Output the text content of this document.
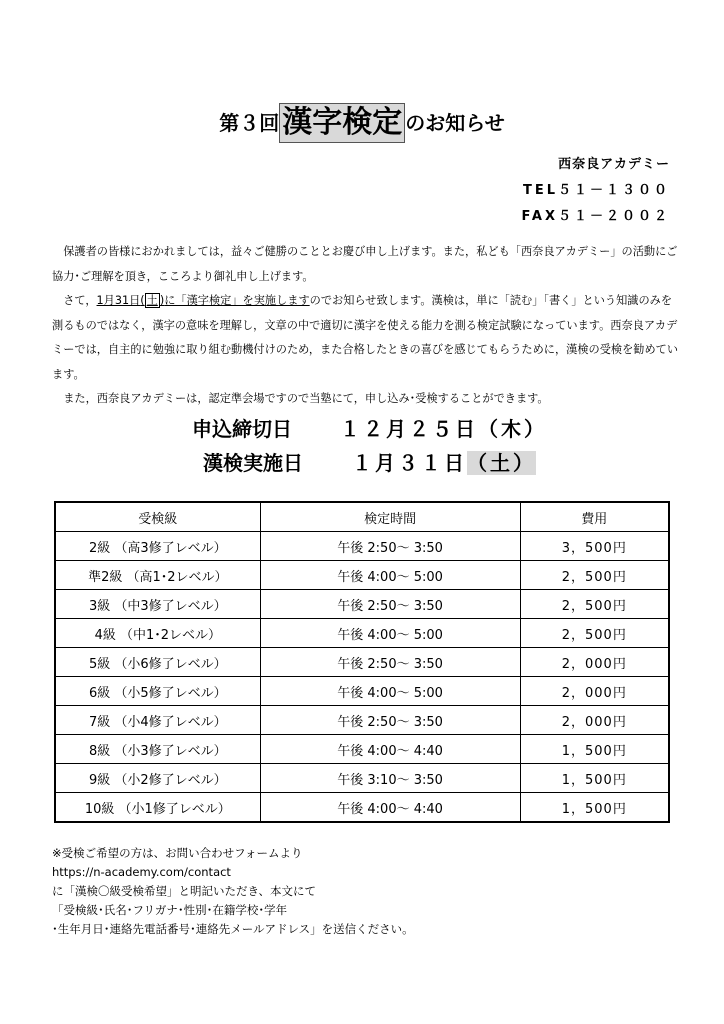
第３回 漢字検定 のお知らせ
西奈良アカデミー
TEL５１－１３００
FAX５１－２００２

保護者の皆様におかれましては，益々ご健勝のこととお慶び申し上げます。また，私ども「西奈良アカデミー」の活動にご協力･ご理解を頂き，こころより御礼申し上げます。

さて，1月31日( 土 )に「漢字検定」を実施しますのでお知らせ致します。漢検は，単に「読む」「書く」という知識のみを測るものではなく，漢字の意味を理解し，文章の中で適切に漢字を使える能力を測る検定試験になっています。西奈良アカデミーでは，自主的に勉強に取り組む動機付けのため，また合格したときの喜びを感じてもらうために，漢検の受検を勧めています。

また，西奈良アカデミーは，認定準会場ですので当塾にて，申し込み･受検することができます。

申込締切日 １２月２５日（木）
漢検実施日 １月３１日（土）
受検級	検定時間	費用
2級 （高3修了レベル）	午後 2:50～ 3:50	3，500円
準2級 （高1･2レベル）	午後 4:00～ 5:00	2，500円
3級 （中3修了レベル）	午後 2:50～ 3:50	2，500円
4級 （中1･2レベル）	午後 4:00～ 5:00	2，500円
5級 （小6修了レベル）	午後 2:50～ 3:50	2，000円
6級 （小5修了レベル）	午後 4:00～ 5:00	2，000円
7級 （小4修了レベル）	午後 2:50～ 3:50	2，000円
8級 （小3修了レベル）	午後 4:00～ 4:40	1，500円
9級 （小2修了レベル）	午後 3:10～ 3:50	1，500円
10級 （小1修了レベル）	午後 4:00～ 4:40	1，500円
※受検ご希望の方は、お問い合わせフォームより
https://n-academy.com/contact
に「漢検〇級受検希望」と明記いただき、本文にて
「受検級･氏名･フリガナ･性別･在籍学校･学年
･生年月日･連絡先電話番号･連絡先メールアドレス」を送信ください。
